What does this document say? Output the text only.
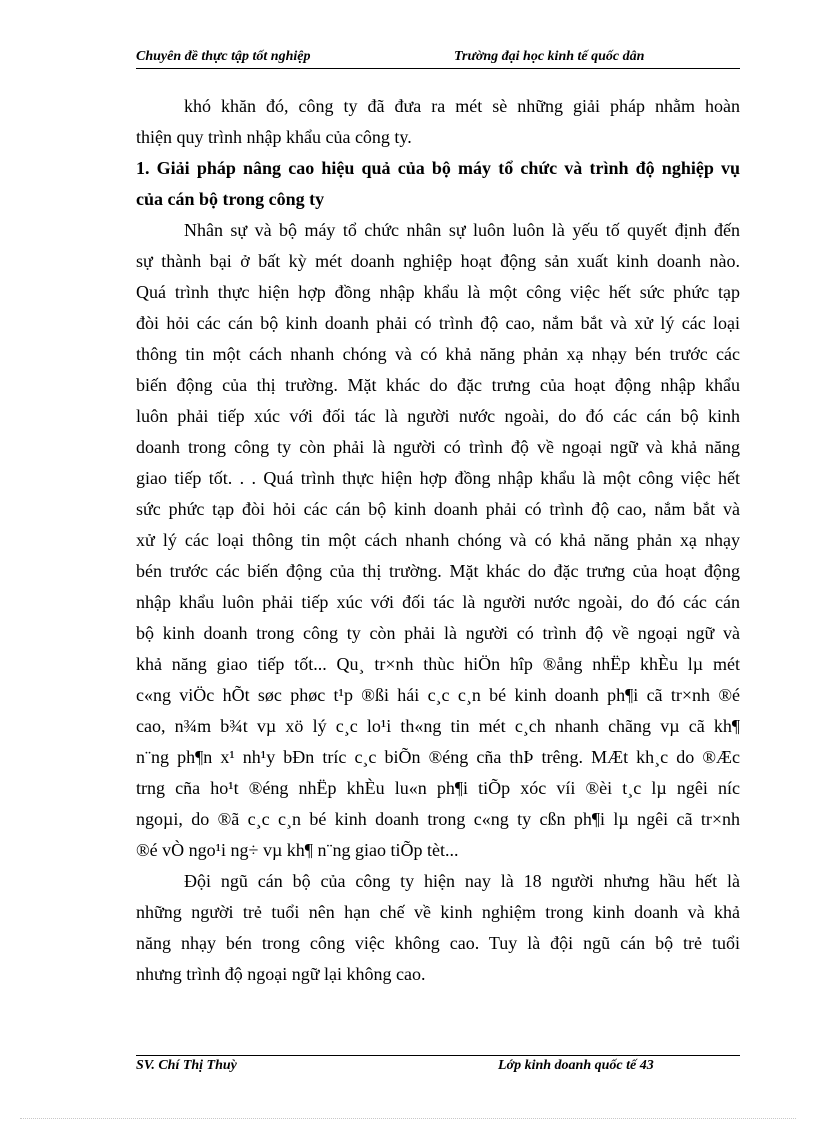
Chuyên đề thực tập tốt nghiệp	Trường đại học kinh tế quốc dân
khó khăn đó, công ty đã đưa ra mét sè những giải pháp nhằm hoàn
thiện quy trình nhập khẩu của công ty.
1. Giải pháp nâng cao hiệu quả của bộ máy tổ chức và trình độ nghiệp vụ
của cán bộ trong công ty
Nhân sự và bộ máy tổ chức nhân sự luôn luôn là yếu tố quyết định đến
sự thành bại ở bất kỳ mét doanh nghiệp hoạt động sản xuất kinh doanh nào.
Quá trình thực hiện hợp đồng nhập khẩu là một công việc hết sức phức tạp
đòi hỏi các cán bộ kinh doanh phải có trình độ cao, nắm bắt và xử lý các loại
thông tin một cách nhanh chóng và có khả năng phản xạ nhạy bén trước các
biến động của thị trường. Mặt khác do đặc trưng của hoạt động nhập khẩu
luôn phải tiếp xúc với đối tác là người nước ngoài, do đó các cán bộ kinh
doanh trong công ty còn phải là người có trình độ về ngoại ngữ và khả năng
giao tiếp tốt. . . Quá trình thực hiện hợp đồng nhập khẩu là một công việc hết
sức phức tạp đòi hỏi các cán bộ kinh doanh phải có trình độ cao, nắm bắt và
xử lý các loại thông tin một cách nhanh chóng và có khả năng phản xạ nhạy
bén trước các biến động của thị trường. Mặt khác do đặc trưng của hoạt động
nhập khẩu luôn phải tiếp xúc với đối tác là người nước ngoài, do đó các cán
bộ kinh doanh trong công ty còn phải là người có trình độ về ngoại ngữ và
khả năng giao tiếp tốt... Qu¸ tr×nh thùc hiÖn hîp ®ång nhËp khÈu lµ mét
c«ng viÖc hÕt søc phøc t¹p ®ßi hái c¸c c¸n bé kinh doanh ph¶i cã tr×nh ®é
cao, n¾m b¾t vµ xö lý c¸c lo¹i th«ng tin mét c¸ch nhanh chãng vµ cã kh¶
n¨ng ph¶n x¹ nh¹y bÐn tríc c¸c biÕn ®éng cña thÞ trêng. MÆt kh¸c do ®Æc
trng cña ho¹t ®éng nhËp khÈu lu«n ph¶i tiÕp xóc víi ®èi t¸c lµ ngêi níc
ngoµi, do ®ã c¸c c¸n bé kinh doanh trong c«ng ty cßn ph¶i lµ ngêi cã tr×nh
®é vÒ ngo¹i ng÷ vµ kh¶ n¨ng giao tiÕp tèt...
Đội ngũ cán bộ của công ty hiện nay là 18 người nhưng hầu hết là
những người trẻ tuổi nên hạn chế về kinh nghiệm trong kinh doanh và khả
năng nhạy bén trong công việc không cao. Tuy là đội ngũ cán bộ trẻ tuổi
nhưng trình độ ngoại ngữ lại không cao.
SV. Chí Thị Thuỳ	Lớp kinh doanh quốc tế 43
